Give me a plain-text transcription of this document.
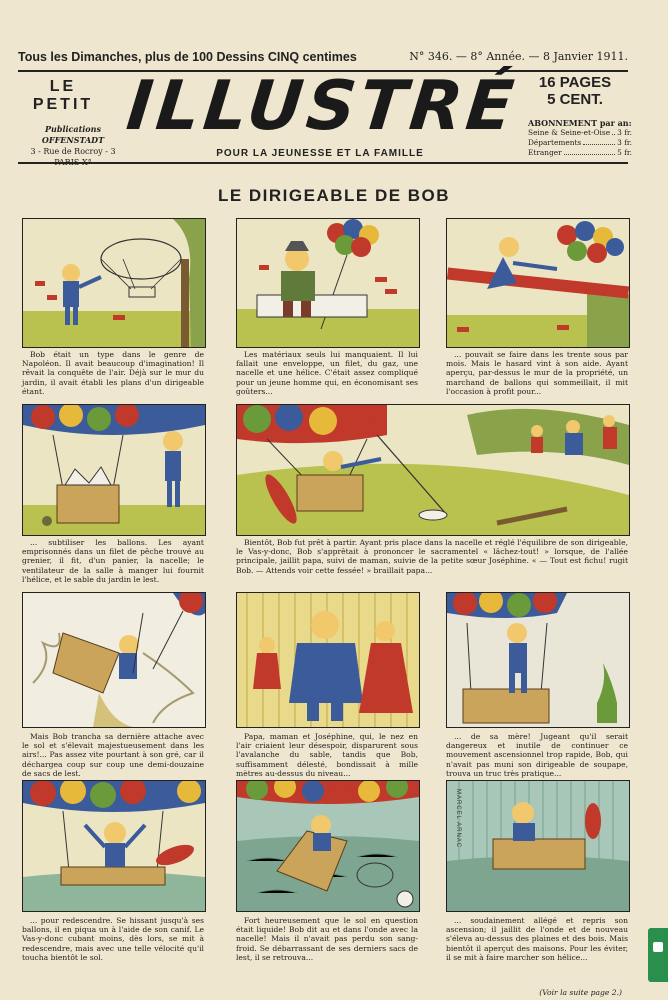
Tous les Dimanches, plus de 100 Dessins CINQ centimes	N° 346. — 8° Année. — 8 Janvier 1911.
LE
PETIT
Publications OFFENSTADT
3 - Rue de Rocroy - 3
PARIS-X°
ILLUSTRÉ
POUR LA JEUNESSE ET LA FAMILLE
16 PAGES
5 CENT.
ABONNEMENT par an:
Seine & Seine-et-Oise 3 fr.
Départements	3 fr.
Etranger	5 fr.
LE DIRIGEABLE DE BOB
Bob était un type dans le genre de Napoléon. Il avait beaucoup d'imagination! Il rêvait la conquête de l'air. Déjà sur le mur du jardin, il avait établi les plans d'un dirigeable étant.
Les matériaux seuls lui manquaient. Il lui fallait une enveloppe, un filet, du gaz, une nacelle et une hélice. C'était assez compliqué pour un jeune homme qui, en économisant ses goûters...
... pouvait se faire dans les trente sous par mois. Mais le hasard vint à son aide. Ayant aperçu, par-dessus le mur de la propriété, un marchand de ballons qui sommeillait, il mit l'occasion à profit pour...
... subtiliser les ballons. Les ayant emprisonnés dans un filet de pêche trouvé au grenier, il fit, d'un panier, la nacelle; le ventilateur de la salle à manger lui fournit l'hélice, et le sable du jardin le lest.
Bientôt, Bob fut prêt à partir. Ayant pris place dans la nacelle et réglé l'équilibre de son dirigeable, le Vas-y-donc, Bob s'apprêtait à prononcer le sacramentel « lâchez-tout! » lorsque, de l'allée principale, jaillit papa, suivi de maman, suivie de la petite sœur Joséphine. « — Tout est fichu! rugit Bob. — Attends voir cette fessée! » braillait papa...
Mais Bob trancha sa dernière attache avec le sol et s'élevait majestueusement dans les airs!... Pas assez vite pourtant à son gré, car il déchargea coup sur coup une demi-douzaine de sacs de lest.
Papa, maman et Joséphine, qui, le nez en l'air criaient leur désespoir, disparurent sous l'avalanche du sable, tandis que Bob, suffisamment délesté, bondissait à mille mètres au-dessus du niveau...
... de sa mère! Jugeant qu'il serait dangereux et inutile de continuer ce mouvement ascensionnel trop rapide, Bob, qui n'avait pas muni son dirigeable de soupape, trouva un truc très pratique...
MARCEL ARNAC
... pour redescendre. Se hissant jusqu'à ses ballons, il en piqua un à l'aide de son canif. Le Vas-y-donc cubant moins, dès lors, se mit à redescendre, mais avec une telle vélocité qu'il toucha bientôt le sol.
Fort heureusement que le sol en question était liquide! Bob dit au et dans l'onde avec la nacelle! Mais il n'avait pas perdu son sang-froid. Se débarrassant de ses derniers sacs de lest, il se retrouva...
... soudainement allégé et repris son ascension; il jaillit de l'onde et de nouveau s'éleva au-dessus des plaines et des bois. Mais bientôt il aperçut des maisons. Pour les éviter, il se mit à faire marcher son hélice...
(Voir la suite page 2.)
